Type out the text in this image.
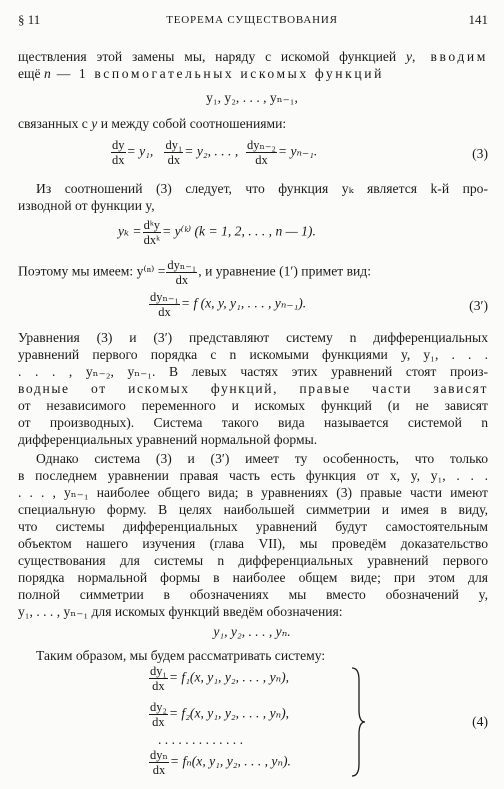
§ 11	ТЕОРЕМА СУЩЕСТВОВАНИЯ	141
ществления этой замены мы, наряду с искомой функцией y, вводим
ещё n — 1 вспомогательных искомых функций
y₁, y₂, . . . , yₙ₋₁,
связанных с y и между собой соотношениями:
$\frac{dy}{dx} = y_1$, $\frac{\text{dy₁}}{dx} = y_2$, . . . , $\frac{\text{dyₙ₋₂}}{dx} = y_{n-1}$.	(3)
Из соотношений (3) следует, что функция yₖ является k-й про-
изводной от функции y,
$y_k = \frac{\text{dᵏy}}{\text{dxᵏ}}$ = y⁽ᵏ⁾ (k = 1, 2, . . . , n — 1).
Поэтому мы имеем: $y^{(n)} = \frac{\text{dyₙ₋₁}}{dx}$ , и уравнение (1′) примет вид:
$\frac{\text{dyₙ₋₁}}{dx} = f$ (x, y, y₁, . . . , yₙ₋₁).	(3′)
Уравнения (3) и (3′) представляют систему n дифференциальных
уравнений первого порядка с n искомыми функциями y, y₁, . . .
. . . , yₙ₋₂, yₙ₋₁. В левых частях этих уравнений стоят произ-
водные от искомых функций, правые части зависят
от независимого переменного и искомых функций (и не зависят
от производных). Система такого вида называется системой n
дифференциальных уравнений нормальной формы.
Однако система (3) и (3′) имеет ту особенность, что только
в последнем уравнении правая часть есть функция от x, y, y₁, . . .
. . . , yₙ₋₁ наиболее общего вида; в уравнениях (3) правые части имеют
специальную форму. В целях наибольшей симметрии и имея в виду,
что системы дифференциальных уравнений будут самостоятельным
объектом нашего изучения (глава VII), мы проведём доказательство
существования для системы n дифференциальных уравнений первого
порядка нормальной формы в наиболее общем виде; при этом для
полной симметрии в обозначениях мы вместо обозначений y,
y₁, . . . , yₙ₋₁ для искомых функций введём обозначения:
y₁, y₂, . . . , yₙ.
Таким образом, мы будем рассматривать систему:
$\frac{\text{dy₁}}{dx} = f_1(x$, y₁, y₂, . . . , yₙ),
$\frac{\text{dy₂}}{dx} = f_2(x$, y₁, y₂, . . . , yₙ),
. . . . . . . . . . . . .
$\frac{\text{dyₙ}}{dx} = f_n(x$, y₁, y₂, . . . , yₙ).
(4)
